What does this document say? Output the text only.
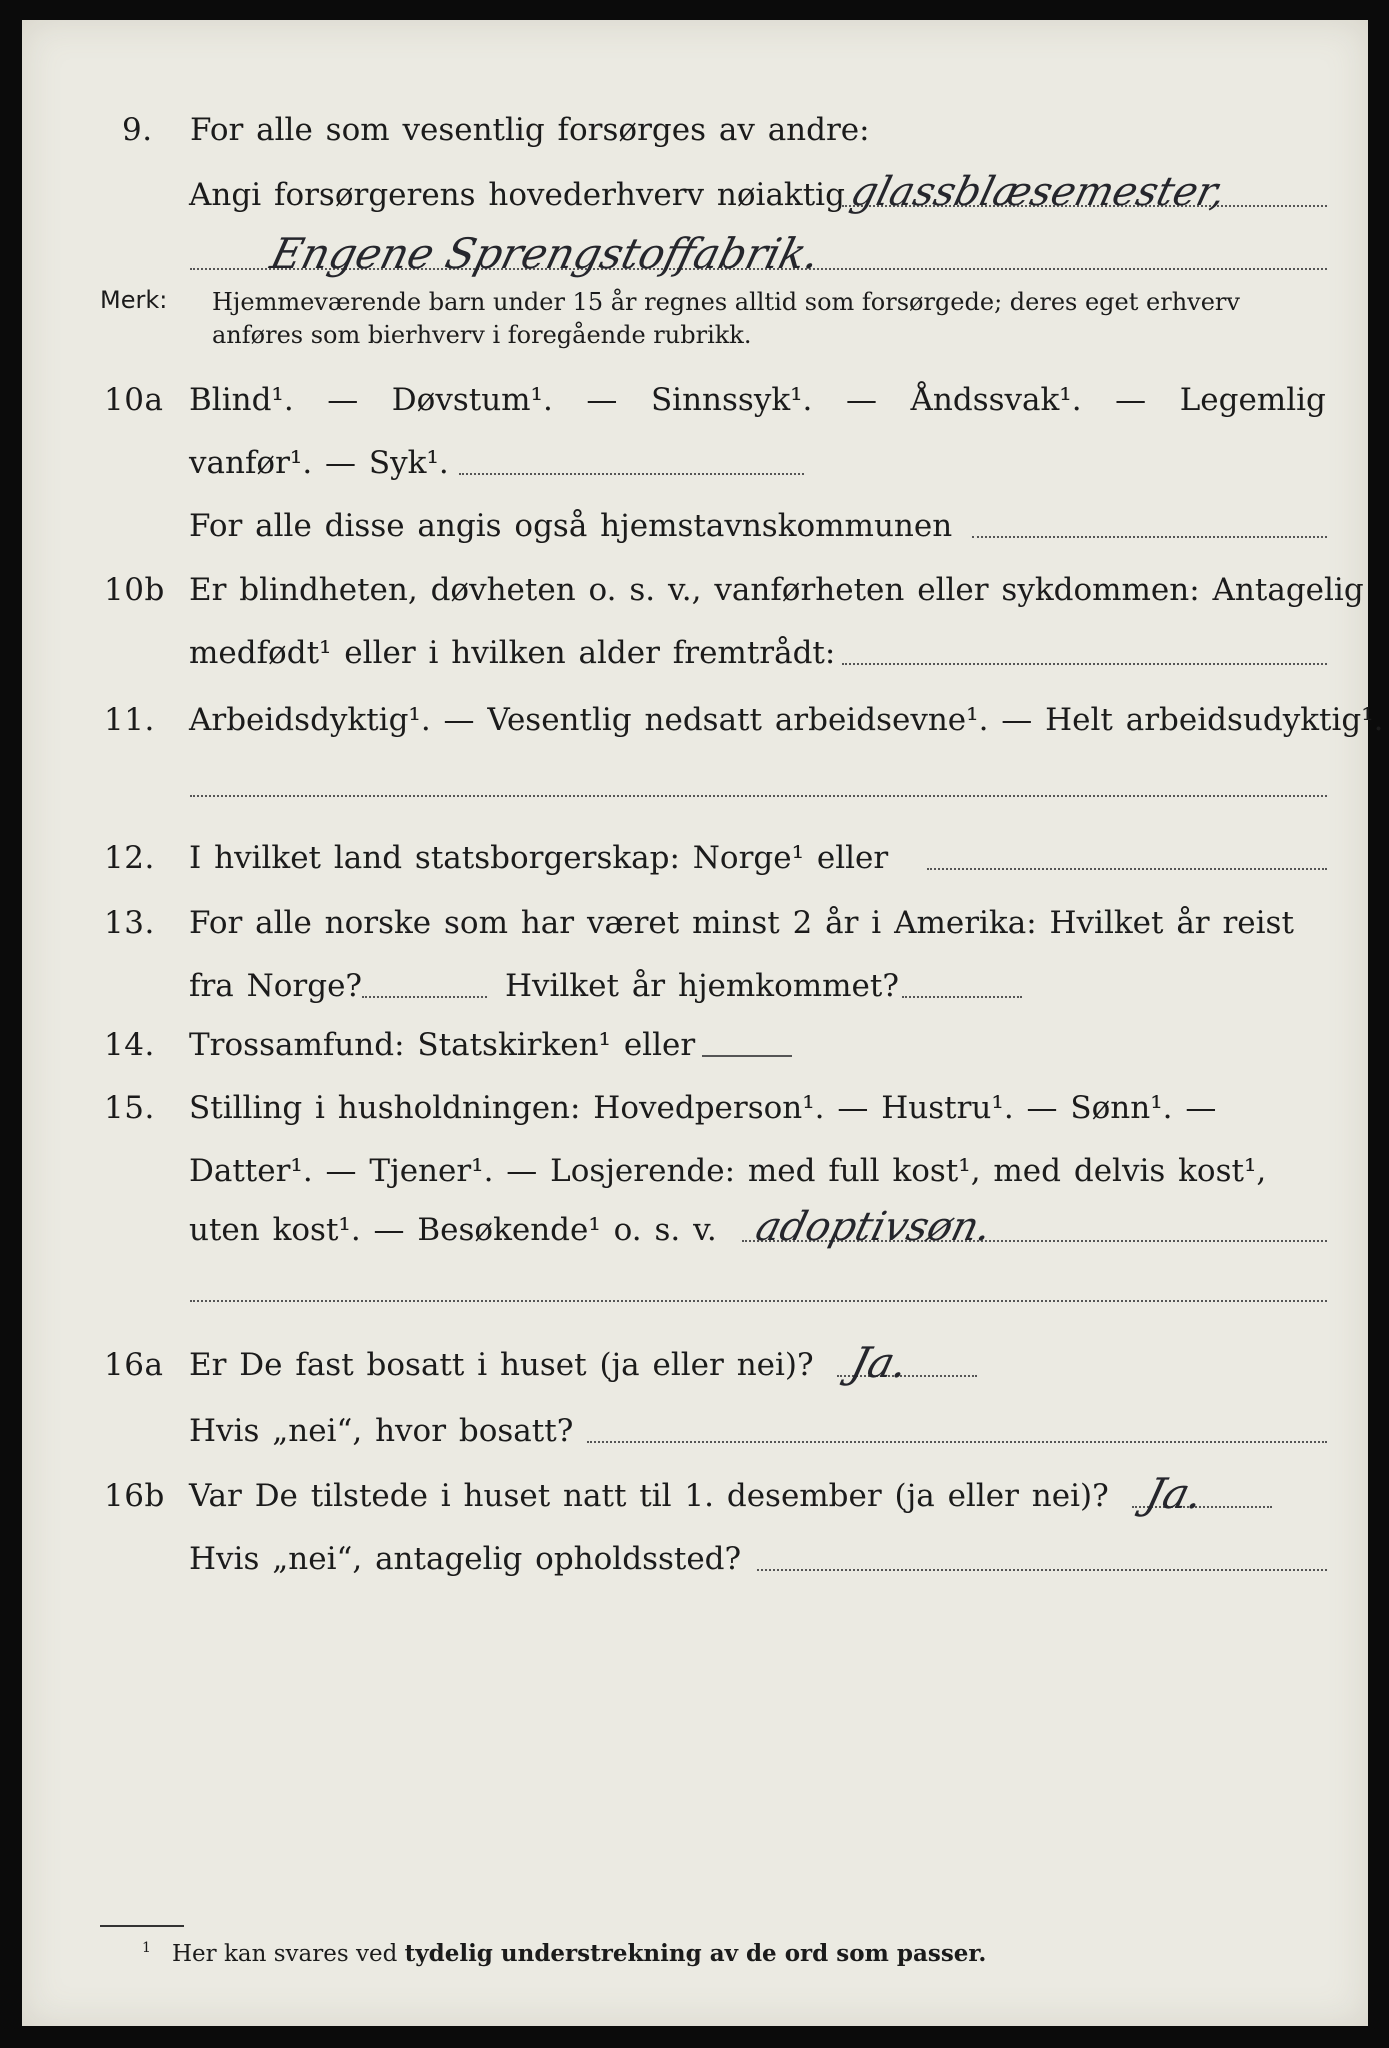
9. For alle som vesentlig forsørges av andre:
Angi forsørgerens hovederhverv nøiaktig glassblæsemester,
Engene Sprengstoffabrik.
Merk: Hjemmeværende barn under 15 år regnes alltid som forsørgede; deres eget erhverv
anføres som bierhverv i foregående rubrikk.
10a Blind¹. — Døvstum¹. — Sinnssyk¹. — Åndssvak¹. — Legemlig
vanfør¹. — Syk¹.
For alle disse angis også hjemstavnskommunen
10b Er blindheten, døvheten o. s. v., vanførheten eller sykdommen: Antagelig
medfødt¹ eller i hvilken alder fremtrådt:
11. Arbeidsdyktig¹. — Vesentlig nedsatt arbeidsevne¹. — Helt arbeidsudyktig¹.
12. I hvilket land statsborgerskap: Norge¹ eller
13. For alle norske som har været minst 2 år i Amerika: Hvilket år reist
fra Norge?	Hvilket år hjemkommet?
14. Trossamfund: Statskirken¹ eller
15. Stilling i husholdningen: Hovedperson¹. — Hustru¹. — Sønn¹. —
Datter¹. — Tjener¹. — Losjerende: med full kost¹, med delvis kost¹,
uten kost¹. — Besøkende¹ o. s. v. adoptivsøn.
16a Er De fast bosatt i huset (ja eller nei)? Ja.
Hvis „nei“, hvor bosatt?
16b Var De tilstede i huset natt til 1. desember (ja eller nei)? Ja.
Hvis „nei“, antagelig opholdssted?
1 Her kan svares ved tydelig understrekning av de ord som passer.
